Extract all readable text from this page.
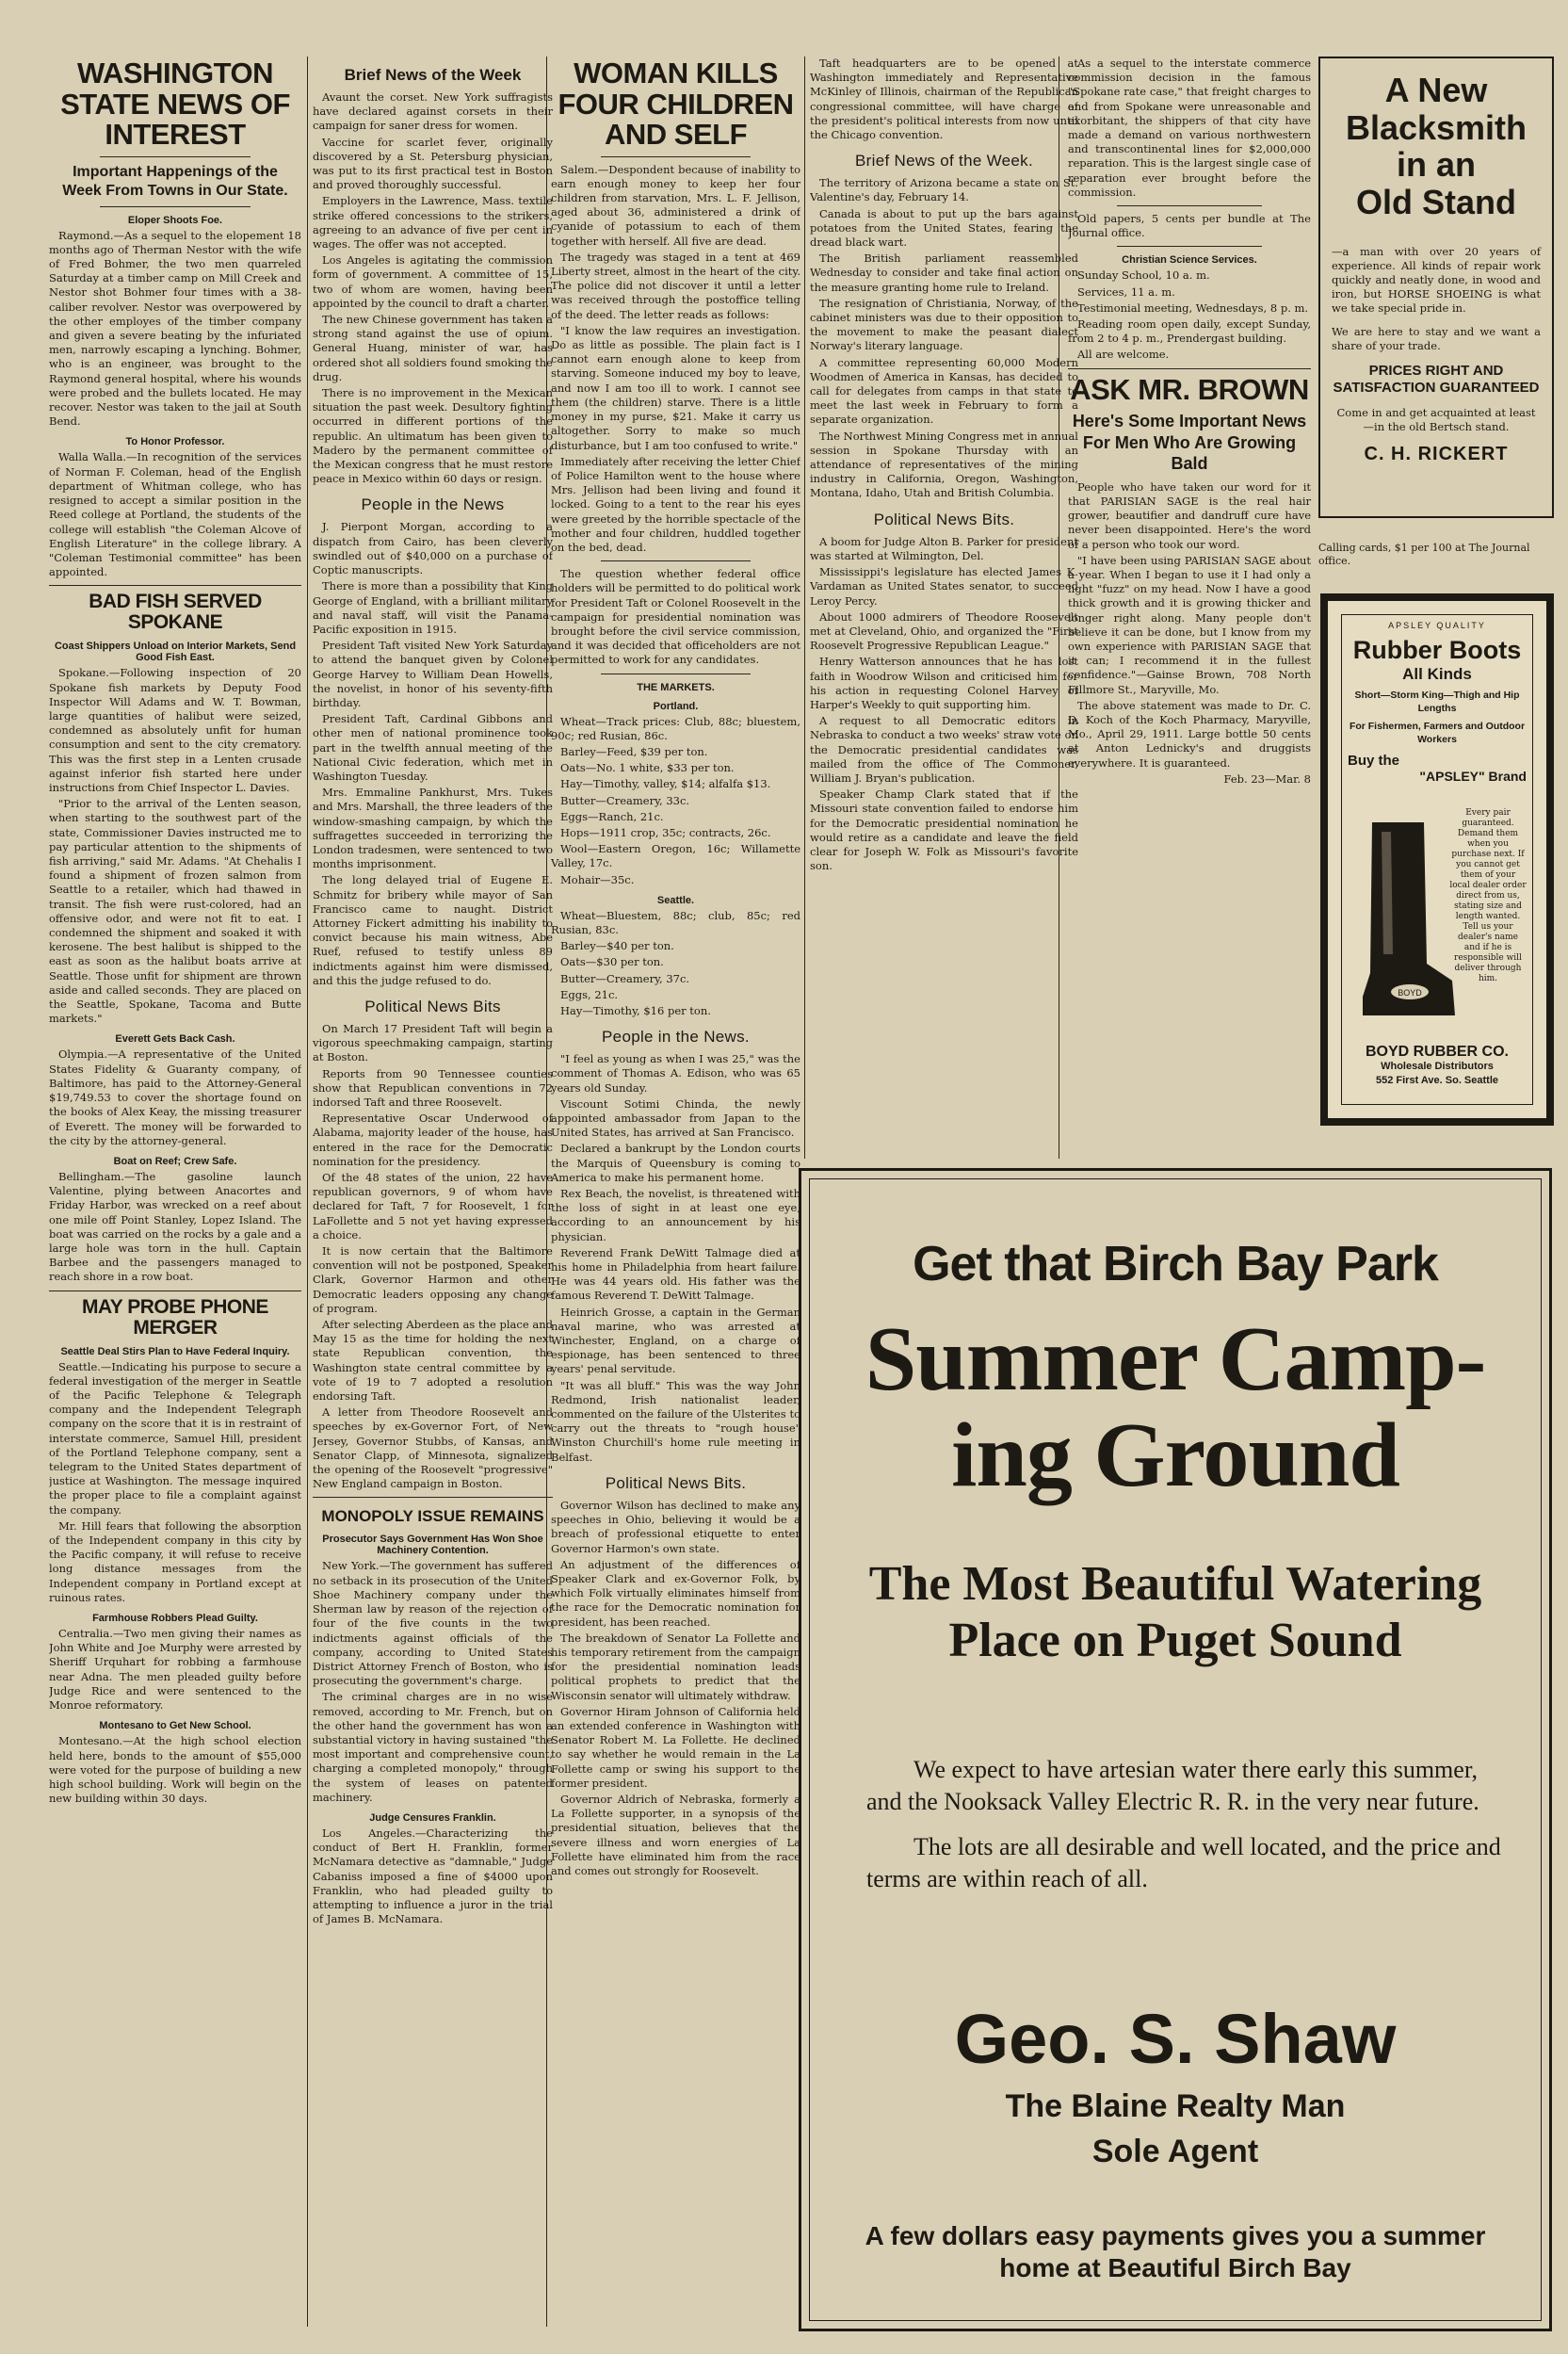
WASHINGTON STATE NEWS OF INTEREST
Important Happenings of the Week From Towns in Our State.
Eloper Shoots Foe.

Raymond.—As a sequel to the elopement 18 months ago of Therman Nestor with the wife of Fred Bohmer, the two men quarreled Saturday at a timber camp on Mill Creek and Nestor shot Bohmer four times with a 38-caliber revolver. Nestor was overpowered by the other employes of the timber company and given a severe beating by the infuriated men, narrowly escaping a lynching. Bohmer, who is an engineer, was brought to the Raymond general hospital, where his wounds were probed and the bullets located. He may recover. Nestor was taken to the jail at South Bend.

To Honor Professor.

Walla Walla.—In recognition of the services of Norman F. Coleman, head of the English department of Whitman college, who has resigned to accept a similar position in the Reed college at Portland, the students of the college will establish "the Coleman Alcove of English Literature" in the college library. A "Coleman Testimonial committee" has been appointed.

BAD FISH SERVED SPOKANE
Coast Shippers Unload on Interior Markets, Send Good Fish East.

Spokane.—Following inspection of 20 Spokane fish markets by Deputy Food Inspector Will Adams and W. T. Bowman, large quantities of halibut were seized, condemned as absolutely unfit for human consumption and sent to the city crematory. This was the first step in a Lenten crusade against inferior fish started here under instructions from Chief Inspector L. Davies.

"Prior to the arrival of the Lenten season, when starting to the southwest part of the state, Commissioner Davies instructed me to pay particular attention to the shipments of fish arriving," said Mr. Adams. "At Chehalis I found a shipment of frozen salmon from Seattle to a retailer, which had thawed in transit. The fish were rust-colored, had an offensive odor, and were not fit to eat. I condemned the shipment and soaked it with kerosene. The best halibut is shipped to the east as soon as the halibut boats arrive at Seattle. Those unfit for shipment are thrown aside and called seconds. They are placed on the Seattle, Spokane, Tacoma and Butte markets."

Everett Gets Back Cash.

Olympia.—A representative of the United States Fidelity & Guaranty company, of Baltimore, has paid to the Attorney-General $19,749.53 to cover the shortage found on the books of Alex Keay, the missing treasurer of Everett. The money will be forwarded to the city by the attorney-general.

Boat on Reef; Crew Safe.

Bellingham.—The gasoline launch Valentine, plying between Anacortes and Friday Harbor, was wrecked on a reef about one mile off Point Stanley, Lopez Island. The boat was carried on the rocks by a gale and a large hole was torn in the hull. Captain Barbee and the passengers managed to reach shore in a row boat.

MAY PROBE PHONE MERGER
Seattle Deal Stirs Plan to Have Federal Inquiry.

Seattle.—Indicating his purpose to secure a federal investigation of the merger in Seattle of the Pacific Telephone & Telegraph company and the Independent Telegraph company on the score that it is in restraint of interstate commerce, Samuel Hill, president of the Portland Telephone company, sent a telegram to the United States department of justice at Washington. The message inquired the proper place to file a complaint against the company.

Mr. Hill fears that following the absorption of the Independent company in this city by the Pacific company, it will refuse to receive long distance messages from the Independent company in Portland except at ruinous rates.

Farmhouse Robbers Plead Guilty.

Centralia.—Two men giving their names as John White and Joe Murphy were arrested by Sheriff Urquhart for robbing a farmhouse near Adna. The men pleaded guilty before Judge Rice and were sentenced to the Monroe reformatory.

Montesano to Get New School.

Montesano.—At the high school election held here, bonds to the amount of $55,000 were voted for the purpose of building a new high school building. Work will begin on the new building within 30 days.

Brief News of the Week

Avaunt the corset. New York suffragists have declared against corsets in their campaign for saner dress for women.

Vaccine for scarlet fever, originally discovered by a St. Petersburg physician, was put to its first practical test in Boston and proved thoroughly successful.

Employers in the Lawrence, Mass. textile strike offered concessions to the strikers, agreeing to an advance of five per cent in wages. The offer was not accepted.

Los Angeles is agitating the commission form of government. A committee of 15, two of whom are women, having been appointed by the council to draft a charter.

The new Chinese government has taken a strong stand against the use of opium. General Huang, minister of war, has ordered shot all soldiers found smoking the drug.

There is no improvement in the Mexican situation the past week. Desultory fighting occurred in different portions of the republic. An ultimatum has been given to Madero by the permanent committee of the Mexican congress that he must restore peace in Mexico within 60 days or resign.

People in the News

J. Pierpont Morgan, according to a dispatch from Cairo, has been cleverly swindled out of $40,000 on a purchase of Coptic manuscripts.

There is more than a possibility that King George of England, with a brilliant military and naval staff, will visit the Panama-Pacific exposition in 1915.

President Taft visited New York Saturday to attend the banquet given by Colonel George Harvey to William Dean Howells, the novelist, in honor of his seventy-fifth birthday.

President Taft, Cardinal Gibbons and other men of national prominence took part in the twelfth annual meeting of the National Civic federation, which met in Washington Tuesday.

Mrs. Emmaline Pankhurst, Mrs. Tukes and Mrs. Marshall, the three leaders of the window-smashing campaign, by which the suffragettes succeeded in terrorizing the London tradesmen, were sentenced to two months imprisonment.

The long delayed trial of Eugene E. Schmitz for bribery while mayor of San Francisco came to naught. District Attorney Fickert admitting his inability to convict because his main witness, Abe Ruef, refused to testify unless 89 indictments against him were dismissed, and this the judge refused to do.

Political News Bits

On March 17 President Taft will begin a vigorous speechmaking campaign, starting at Boston.

Reports from 90 Tennessee counties show that Republican conventions in 72 indorsed Taft and three Roosevelt.

Representative Oscar Underwood of Alabama, majority leader of the house, has entered in the race for the Democratic nomination for the presidency.

Of the 48 states of the union, 22 have republican governors, 9 of whom have declared for Taft, 7 for Roosevelt, 1 for LaFollette and 5 not yet having expressed a choice.

It is now certain that the Baltimore convention will not be postponed, Speaker Clark, Governor Harmon and other Democratic leaders opposing any change of program.

After selecting Aberdeen as the place and May 15 as the time for holding the next state Republican convention, the Washington state central committee by a vote of 19 to 7 adopted a resolution endorsing Taft.

A letter from Theodore Roosevelt and speeches by ex-Governor Fort, of New Jersey, Governor Stubbs, of Kansas, and Senator Clapp, of Minnesota, signalized the opening of the Roosevelt "progressive" New England campaign in Boston.

MONOPOLY ISSUE REMAINS
Prosecutor Says Government Has Won Shoe Machinery Contention.

New York.—The government has suffered no setback in its prosecution of the United Shoe Machinery company under the Sherman law by reason of the rejection of four of the five counts in the two indictments against officials of the company, according to United States District Attorney French of Boston, who is prosecuting the government's charge.

The criminal charges are in no wise removed, according to Mr. French, but on the other hand the government has won a substantial victory in having sustained "the most important and comprehensive count, charging a completed monopoly," through the system of leases on patented machinery.

Judge Censures Franklin.

Los Angeles.—Characterizing the conduct of Bert H. Franklin, former McNamara detective as "damnable," Judge Cabaniss imposed a fine of $4000 upon Franklin, who had pleaded guilty to attempting to influence a juror in the trial of James B. McNamara.

WOMAN KILLS FOUR CHILDREN AND SELF

Salem.—Despondent because of inability to earn enough money to keep her four children from starvation, Mrs. L. F. Jellison, aged about 36, administered a drink of cyanide of potassium to each of them together with herself. All five are dead.

The tragedy was staged in a tent at 469 Liberty street, almost in the heart of the city. The police did not discover it until a letter was received through the postoffice telling of the deed. The letter reads as follows:

"I know the law requires an investigation. Do as little as possible. The plain fact is I cannot earn enough alone to keep from starving. Someone induced my boy to leave, and now I am too ill to work. I cannot see them (the children) starve. There is a little money in my purse, $21. Make it carry us altogether. Sorry to make so much disturbance, but I am too confused to write."

Immediately after receiving the letter Chief of Police Hamilton went to the house where Mrs. Jellison had been living and found it locked. Going to a tent to the rear his eyes were greeted by the horrible spectacle of the mother and four children, huddled together on the bed, dead.

The question whether federal office holders will be permitted to do political work for President Taft or Colonel Roosevelt in the campaign for presidential nomination was brought before the civil service commission, and it was decided that officeholders are not permitted to work for any candidates.

THE MARKETS.
Portland.

Wheat—Track prices: Club, 88c; bluestem, 90c; red Rusian, 86c.

Barley—Feed, $39 per ton.

Oats—No. 1 white, $33 per ton.

Hay—Timothy, valley, $14; alfalfa $13.

Butter—Creamery, 33c.

Eggs—Ranch, 21c.

Hops—1911 crop, 35c; contracts, 26c.

Wool—Eastern Oregon, 16c; Willamette Valley, 17c.

Mohair—35c.

Seattle.

Wheat—Bluestem, 88c; club, 85c; red Rusian, 83c.

Barley—$40 per ton.

Oats—$30 per ton.

Butter—Creamery, 37c.

Eggs, 21c.

Hay—Timothy, $16 per ton.

People in the News.

"I feel as young as when I was 25," was the comment of Thomas A. Edison, who was 65 years old Sunday.

Viscount Sotimi Chinda, the newly appointed ambassador from Japan to the United States, has arrived at San Francisco.

Declared a bankrupt by the London courts the Marquis of Queensbury is coming to America to make his permanent home.

Rex Beach, the novelist, is threatened with the loss of sight in at least one eye, according to an announcement by his physician.

Reverend Frank DeWitt Talmage died at his home in Philadelphia from heart failure. He was 44 years old. His father was the famous Reverend T. DeWitt Talmage.

Heinrich Grosse, a captain in the German naval marine, who was arrested at Winchester, England, on a charge of espionage, has been sentenced to three years' penal servitude.

"It was all bluff." This was the way John Redmond, Irish nationalist leader, commented on the failure of the Ulsterites to carry out the threats to "rough house" Winston Churchill's home rule meeting in Belfast.

Political News Bits.

Governor Wilson has declined to make any speeches in Ohio, believing it would be a breach of professional etiquette to enter Governor Harmon's own state.

An adjustment of the differences of Speaker Clark and ex-Governor Folk, by which Folk virtually eliminates himself from the race for the Democratic nomination for president, has been reached.

The breakdown of Senator La Follette and his temporary retirement from the campaign for the presidential nomination leads political prophets to predict that the Wisconsin senator will ultimately withdraw.

Governor Hiram Johnson of California held an extended conference in Washington with Senator Robert M. La Follette. He declined to say whether he would remain in the La Follette camp or swing his support to the former president.

Governor Aldrich of Nebraska, formerly a La Follette supporter, in a synopsis of the presidential situation, believes that the severe illness and worn energies of La Follette have eliminated him from the race and comes out strongly for Roosevelt.

Taft headquarters are to be opened at Washington immediately and Representative McKinley of Illinois, chairman of the Republican congressional committee, will have charge of the president's political interests from now until the Chicago convention.

Brief News of the Week.

The territory of Arizona became a state on St. Valentine's day, February 14.

Canada is about to put up the bars against potatoes from the United States, fearing the dread black wart.

The British parliament reassembled Wednesday to consider and take final action on the measure granting home rule to Ireland.

The resignation of Christiania, Norway, of the cabinet ministers was due to their opposition to the movement to make the peasant dialect Norway's literary language.

A committee representing 60,000 Modern Woodmen of America in Kansas, has decided to call for delegates from camps in that state to meet the last week in February to form a separate organization.

The Northwest Mining Congress met in annual session in Spokane Thursday with an attendance of representatives of the mining industry in California, Oregon, Washington, Montana, Idaho, Utah and British Columbia.

Political News Bits.

A boom for Judge Alton B. Parker for president was started at Wilmington, Del.

Mississippi's legislature has elected James K. Vardaman as United States senator, to succeed Leroy Percy.

About 1000 admirers of Theodore Roosevelt met at Cleveland, Ohio, and organized the "First Roosevelt Progressive Republican League."

Henry Watterson announces that he has lost faith in Woodrow Wilson and criticised him for his action in requesting Colonel Harvey of Harper's Weekly to quit supporting him.

A request to all Democratic editors in Nebraska to conduct a two weeks' straw vote on the Democratic presidential candidates was mailed from the office of The Commoner, William J. Bryan's publication.

Speaker Champ Clark stated that if the Missouri state convention failed to endorse him for the Democratic presidential nomination he would retire as a candidate and leave the field clear for Joseph W. Folk as Missouri's favorite son.

As a sequel to the interstate commerce commission decision in the famous "Spokane rate case," that freight charges to and from Spokane were unreasonable and exorbitant, the shippers of that city have made a demand on various northwestern and transcontinental lines for $2,000,000 reparation. This is the largest single case of reparation ever brought before the commission.

Old papers, 5 cents per bundle at The Journal office.

Christian Science Services.

Sunday School, 10 a. m.

Services, 11 a. m.

Testimonial meeting, Wednesdays, 8 p. m.

Reading room open daily, except Sunday, from 2 to 4 p. m., Prendergast building.

All are welcome.

ASK MR. BROWN
Here's Some Important News For Men Who Are Growing Bald

People who have taken our word for it that PARISIAN SAGE is the real hair grower, beautifier and dandruff cure have never been disappointed. Here's the word of a person who took our word.

"I have been using PARISIAN SAGE about a year. When I began to use it I had only a light "fuzz" on my head. Now I have a good thick growth and it is growing thicker and longer right along. Many people don't believe it can be done, but I know from my own experience with PARISIAN SAGE that it can; I recommend it in the fullest confidence."—Gainse Brown, 708 North Fillmore St., Maryville, Mo.

The above statement was made to Dr. C. D. Koch of the Koch Pharmacy, Maryville, Mo., April 29, 1911. Large bottle 50 cents at Anton Lednicky's and druggists everywhere. It is guaranteed.

Feb. 23—Mar. 8

A New
Blacksmith
in an
Old Stand
—a man with over 20 years of experience. All kinds of repair work quickly and neatly done, in wood and iron, but HORSE SHOEING is what we take special pride in.
We are here to stay and we want a share of your trade.
PRICES RIGHT AND SATISFACTION GUARANTEED
Come in and get acquainted at least—in the old Bertsch stand.
C. H. RICKERT
Calling cards, $1 per 100 at The Journal office.
APSLEY QUALITY
Rubber Boots
All Kinds
Short—Storm King—Thigh and Hip Lengths
For Fishermen, Farmers and Outdoor Workers
Buy the
"APSLEY" Brand
BOYD
Every pair guaranteed. Demand them when you purchase next. If you cannot get them of your local dealer order direct from us, stating size and length wanted. Tell us your dealer's name and if he is responsible will deliver through him.
BOYD RUBBER CO.
Wholesale Distributors
552 First Ave. So. Seattle
Get that Birch Bay Park
Summer Camp-
ing Ground
The Most Beautiful Watering
Place on Puget Sound

We expect to have artesian water there early this summer, and the Nooksack Valley Electric R. R. in the very near future.

The lots are all desirable and well located, and the price and terms are within reach of all.

Geo. S. Shaw
The Blaine Realty Man
Sole Agent
A few dollars easy payments gives you a summer home at Beautiful Birch Bay
